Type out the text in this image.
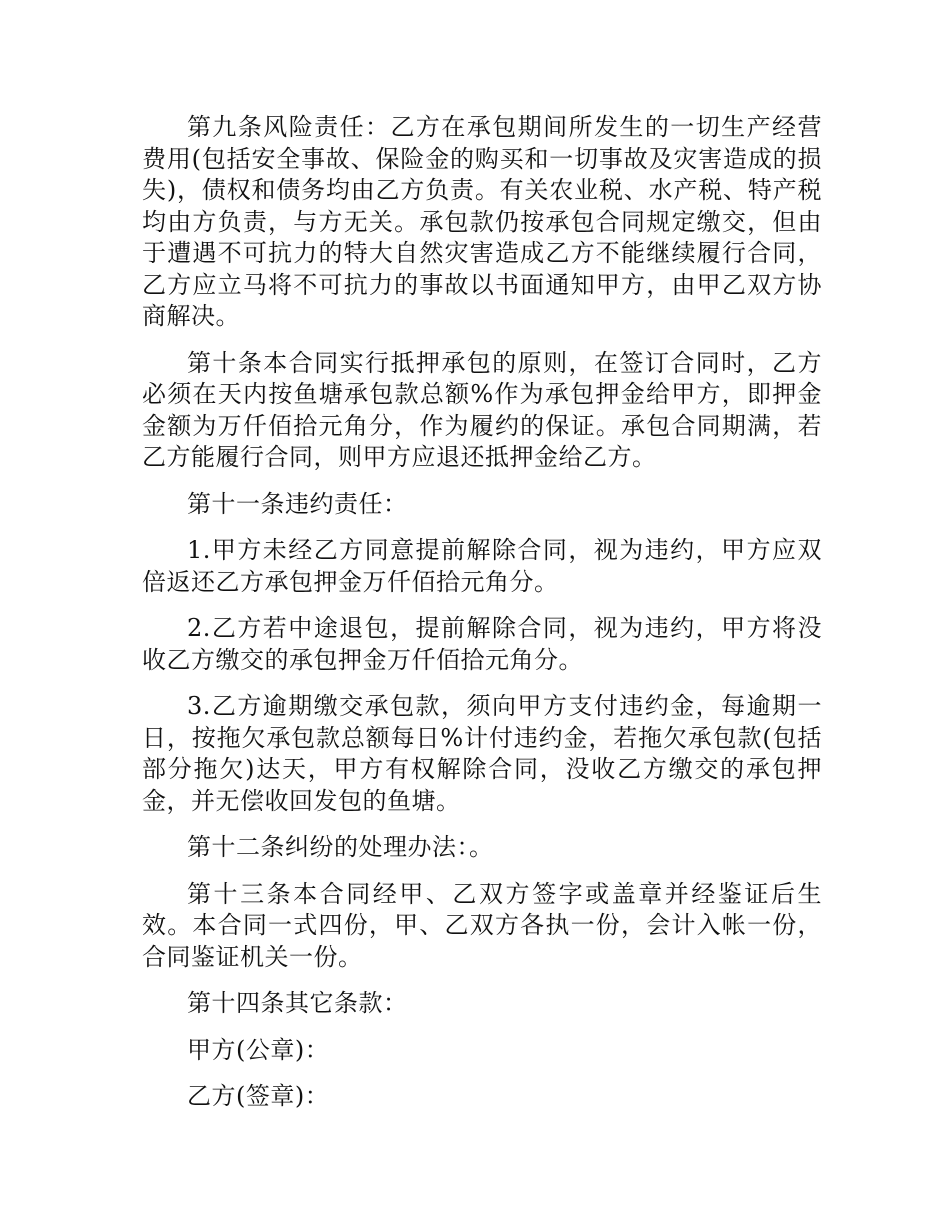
第九条风险责任：乙方在承包期间所发生的一切生产经营费用(包括安全事故、保险金的购买和一切事故及灾害造成的损失)，债权和债务均由乙方负责。有关农业税、水产税、特产税均由方负责，与方无关。承包款仍按承包合同规定缴交，但由于遭遇不可抗力的特大自然灾害造成乙方不能继续履行合同，乙方应立马将不可抗力的事故以书面通知甲方，由甲乙双方协商解决。

第十条本合同实行抵押承包的原则，在签订合同时，乙方必须在天内按鱼塘承包款总额%作为承包押金给甲方，即押金金额为万仟佰拾元角分，作为履约的保证。承包合同期满，若乙方能履行合同，则甲方应退还抵押金给乙方。

第十一条违约责任：

1.甲方未经乙方同意提前解除合同，视为违约，甲方应双倍返还乙方承包押金万仟佰拾元角分。

2.乙方若中途退包，提前解除合同，视为违约，甲方将没收乙方缴交的承包押金万仟佰拾元角分。

3.乙方逾期缴交承包款，须向甲方支付违约金，每逾期一日，按拖欠承包款总额每日%计付违约金，若拖欠承包款(包括部分拖欠)达天，甲方有权解除合同，没收乙方缴交的承包押金，并无偿收回发包的鱼塘。

第十二条纠纷的处理办法：。

第十三条本合同经甲、乙双方签字或盖章并经鉴证后生效。本合同一式四份，甲、乙双方各执一份，会计入帐一份，合同鉴证机关一份。

第十四条其它条款：

甲方(公章)：

乙方(签章)：
